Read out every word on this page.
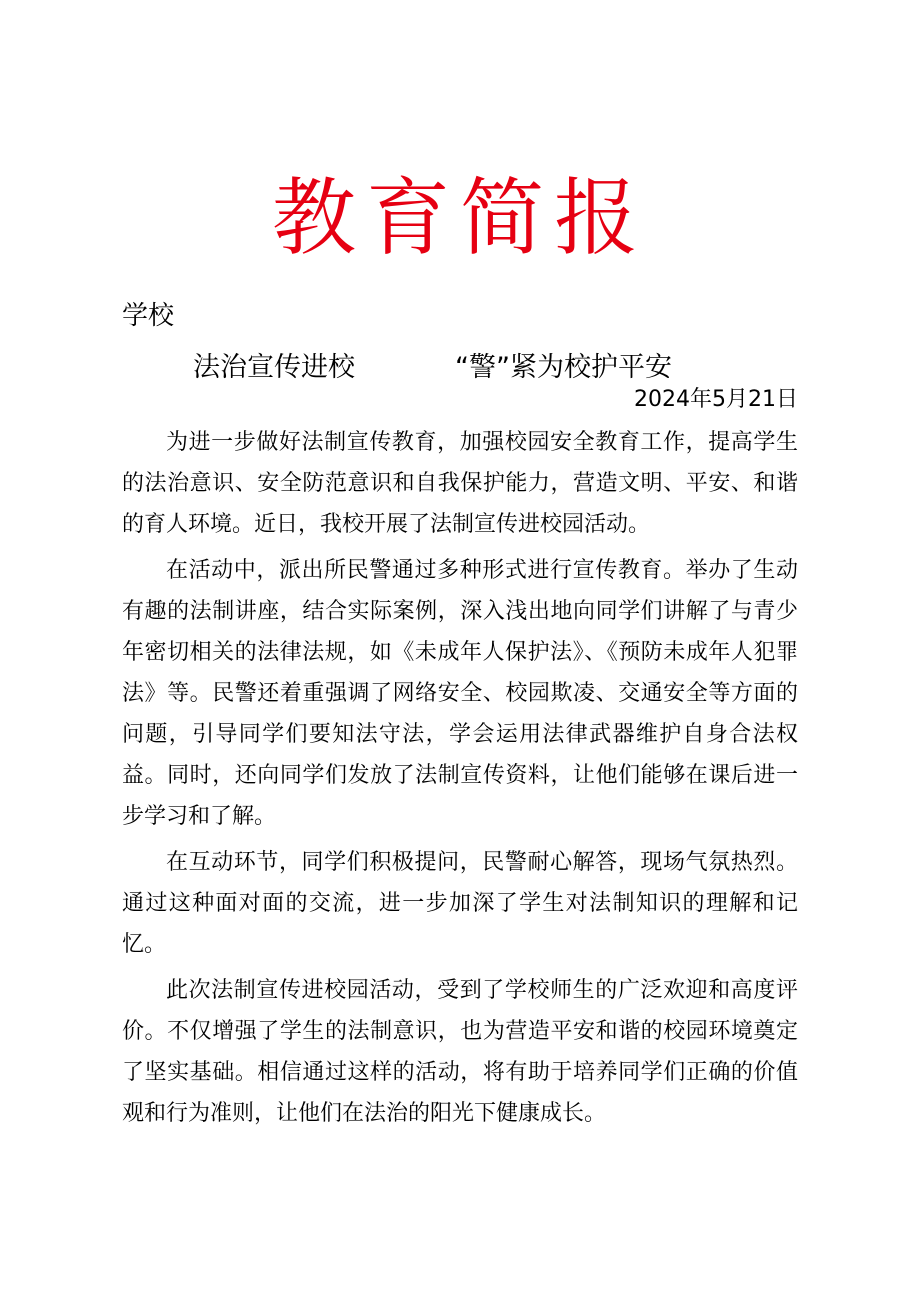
教育简报
学校
法治宣传进校	“警”紧为校护平安
2024年5月21日

为进一步做好法制宣传教育，加强校园安全教育工作，提高学生的法治意识、安全防范意识和自我保护能力，营造文明、平安、和谐的育人环境。近日，我校开展了法制宣传进校园活动。

在活动中，派出所民警通过多种形式进行宣传教育。举办了生动有趣的法制讲座，结合实际案例，深入浅出地向同学们讲解了与青少年密切相关的法律法规，如《未成年人保护法》、《预防未成年人犯罪法》等。民警还着重强调了网络安全、校园欺凌、交通安全等方面的问题，引导同学们要知法守法，学会运用法律武器维护自身合法权益。同时，还向同学们发放了法制宣传资料，让他们能够在课后进一步学习和了解。

在互动环节，同学们积极提问，民警耐心解答，现场气氛热烈。通过这种面对面的交流，进一步加深了学生对法制知识的理解和记忆。

此次法制宣传进校园活动，受到了学校师生的广泛欢迎和高度评价。不仅增强了学生的法制意识，也为营造平安和谐的校园环境奠定了坚实基础。相信通过这样的活动，将有助于培养同学们正确的价值观和行为准则，让他们在法治的阳光下健康成长。
